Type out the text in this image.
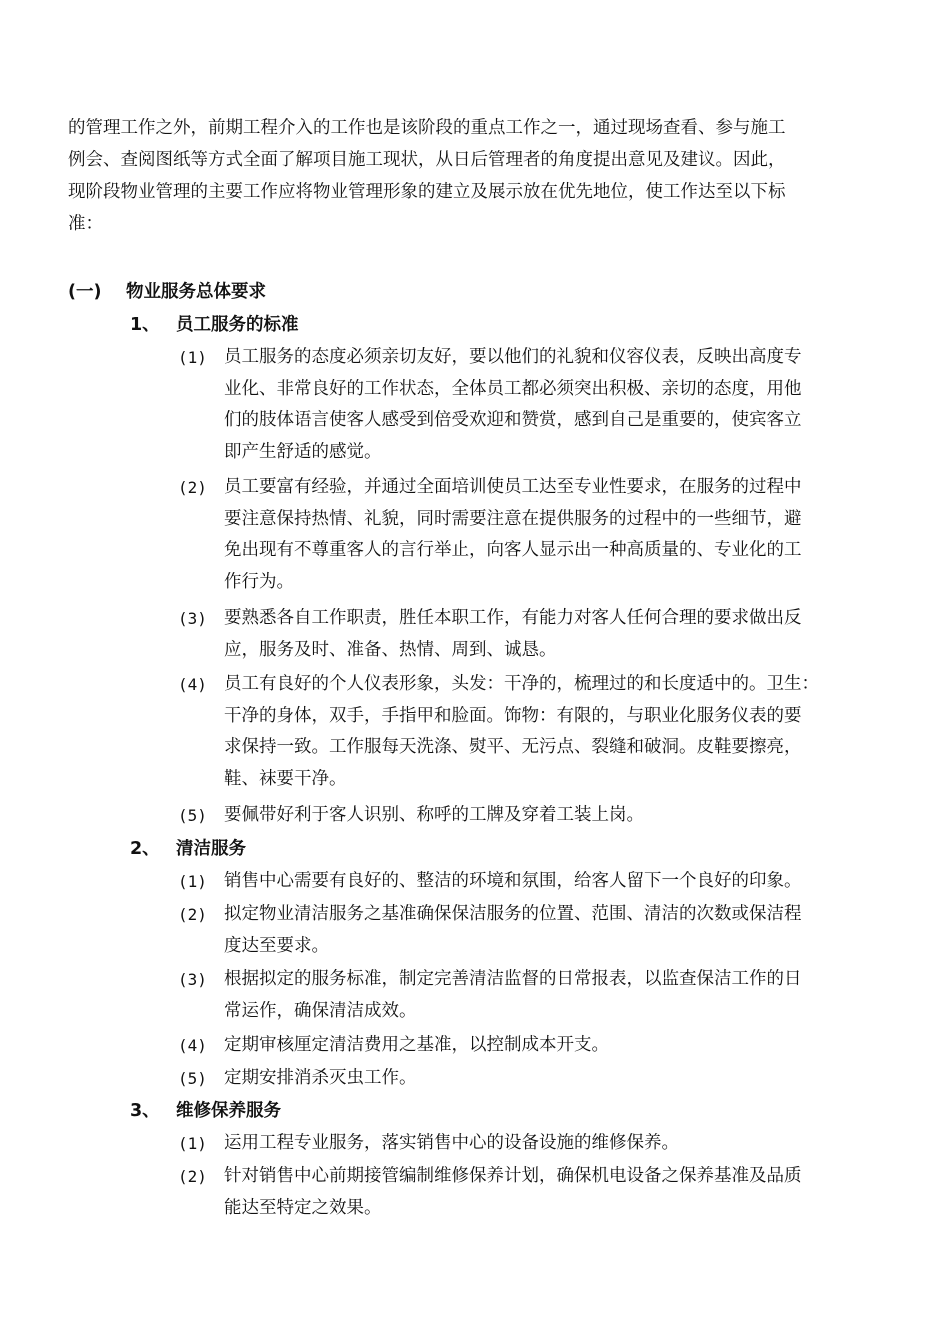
的管理工作之外，前期工程介入的工作也是该阶段的重点工作之一，通过现场查看、参与施工
例会、查阅图纸等方式全面了解项目施工现状，从日后管理者的角度提出意见及建议。因此，
现阶段物业管理的主要工作应将物业管理形象的建立及展示放在优先地位，使工作达至以下标
准：
(一) 物业服务总体要求
1、 员工服务的标准
(1) 员工服务的态度必须亲切友好，要以他们的礼貌和仪容仪表，反映出高度专
业化、非常良好的工作状态，全体员工都必须突出积极、亲切的态度，用他
们的肢体语言使客人感受到倍受欢迎和赞赏，感到自己是重要的，使宾客立
即产生舒适的感觉。
(2) 员工要富有经验，并通过全面培训使员工达至专业性要求，在服务的过程中
要注意保持热情、礼貌，同时需要注意在提供服务的过程中的一些细节，避
免出现有不尊重客人的言行举止，向客人显示出一种高质量的、专业化的工
作行为。
(3) 要熟悉各自工作职责，胜任本职工作，有能力对客人任何合理的要求做出反
应，服务及时、准备、热情、周到、诚恳。
(4) 员工有良好的个人仪表形象，头发：干净的，梳理过的和长度适中的。卫生：
干净的身体，双手，手指甲和脸面。饰物：有限的，与职业化服务仪表的要
求保持一致。工作服每天洗涤、熨平、无污点、裂缝和破洞。皮鞋要擦亮，
鞋、袜要干净。
(5) 要佩带好利于客人识别、称呼的工牌及穿着工装上岗。
2、 清洁服务
(1) 销售中心需要有良好的、整洁的环境和氛围，给客人留下一个良好的印象。
(2) 拟定物业清洁服务之基准确保保洁服务的位置、范围、清洁的次数或保洁程
度达至要求。
(3) 根据拟定的服务标准，制定完善清洁监督的日常报表，以监查保洁工作的日
常运作，确保清洁成效。
(4) 定期审核厘定清洁费用之基准，以控制成本开支。
(5) 定期安排消杀灭虫工作。
3、 维修保养服务
(1) 运用工程专业服务，落实销售中心的设备设施的维修保养。
(2) 针对销售中心前期接管编制维修保养计划，确保机电设备之保养基准及品质
能达至特定之效果。
